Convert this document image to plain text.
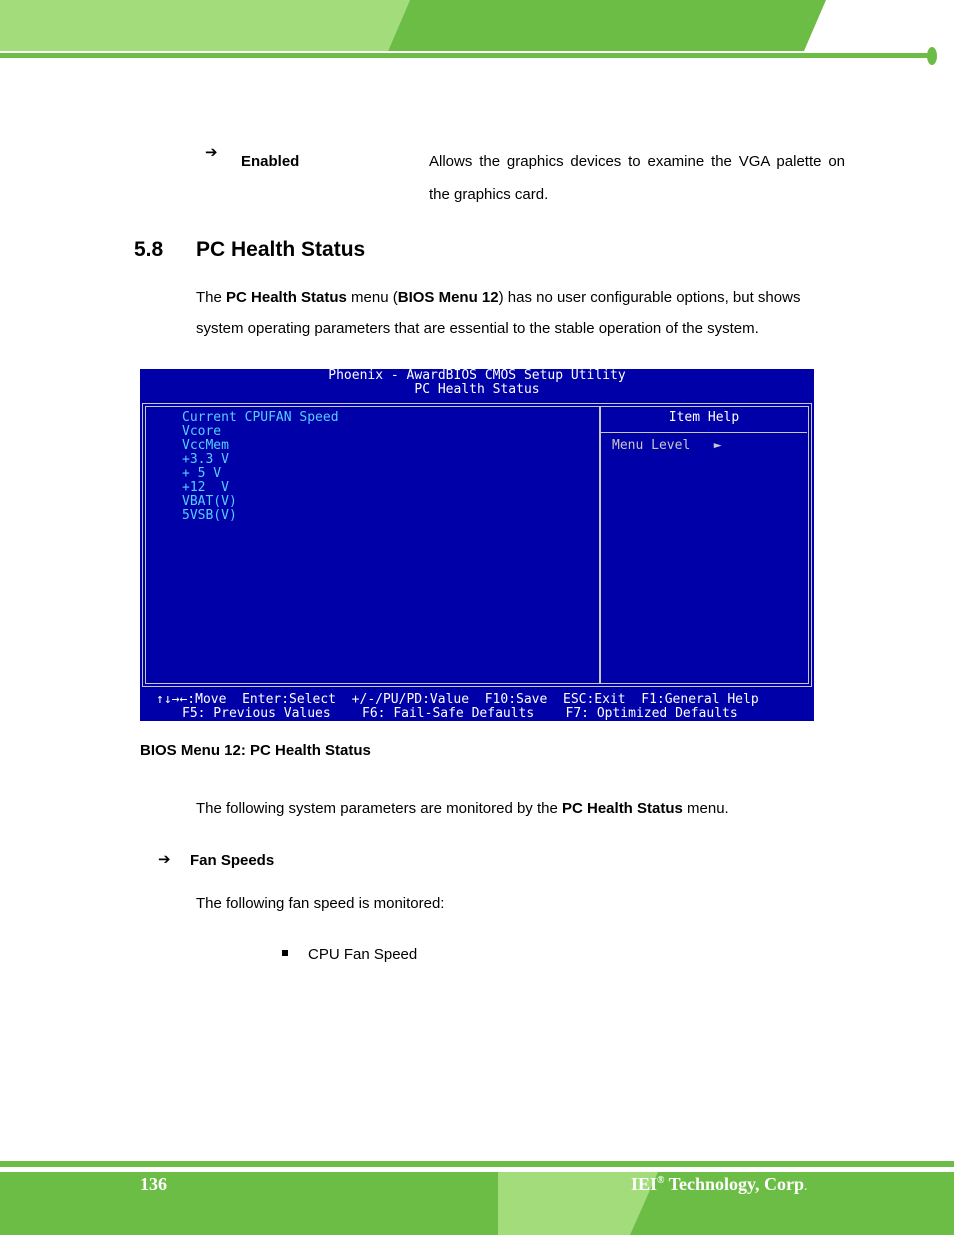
➔
Enabled	Allows the graphics devices to examine the VGA palette on
the graphics card.
5.8 PC Health Status
The PC Health Status menu (BIOS Menu 12) has no user configurable options, but shows
system operating parameters that are essential to the stable operation of the system.
Phoenix - AwardBIOS CMOS Setup Utility
PC Health Status
Current CPUFAN Speed
Vcore
VccMem
+3.3 V
+ 5 V
+12  V
VBAT(V)
5VSB(V)
Item Help
Menu Level   ►
↑↓→←:Move  Enter:Select  +/-/PU/PD:Value  F10:Save  ESC:Exit  F1:General Help
F5: Previous Values    F6: Fail-Safe Defaults    F7: Optimized Defaults
BIOS Menu 12: PC Health Status
The following system parameters are monitored by the PC Health Status menu.
➔ Fan Speeds
The following fan speed is monitored:
CPU Fan Speed
136	IEI® Technology, Corp.
